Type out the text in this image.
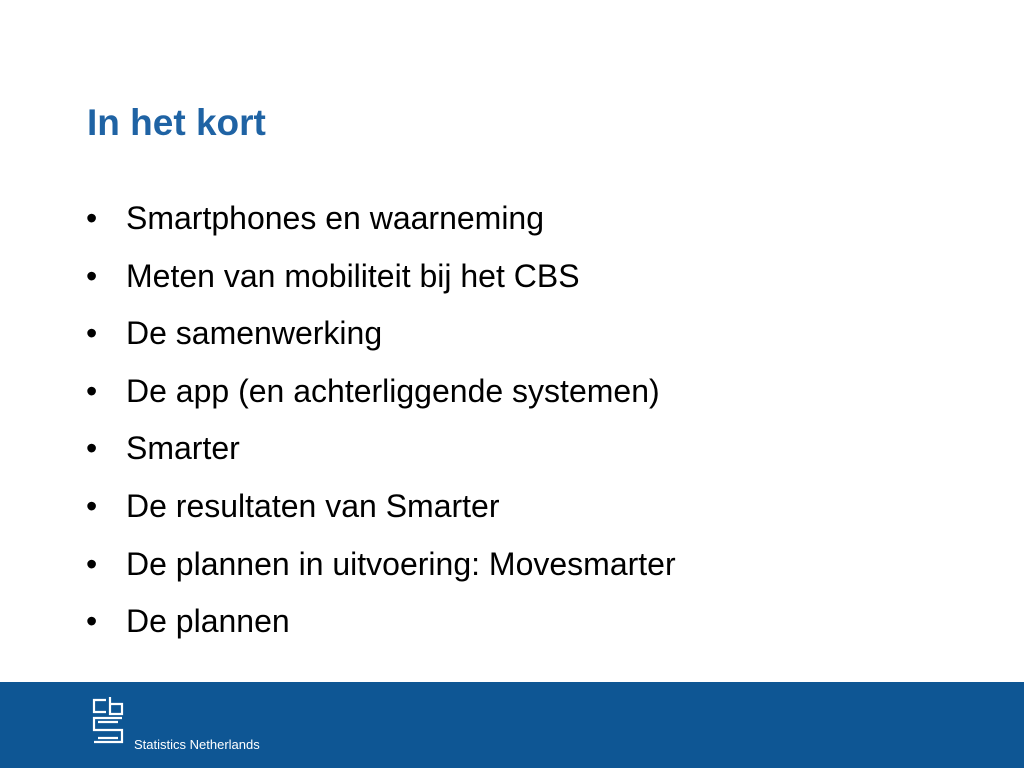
In het kort
• Smartphones en waarneming
• Meten van mobiliteit bij het CBS
• De samenwerking
• De app (en achterliggende systemen)
• Smarter
• De resultaten van Smarter
• De plannen in uitvoering: Movesmarter
• De plannen
Statistics Netherlands
